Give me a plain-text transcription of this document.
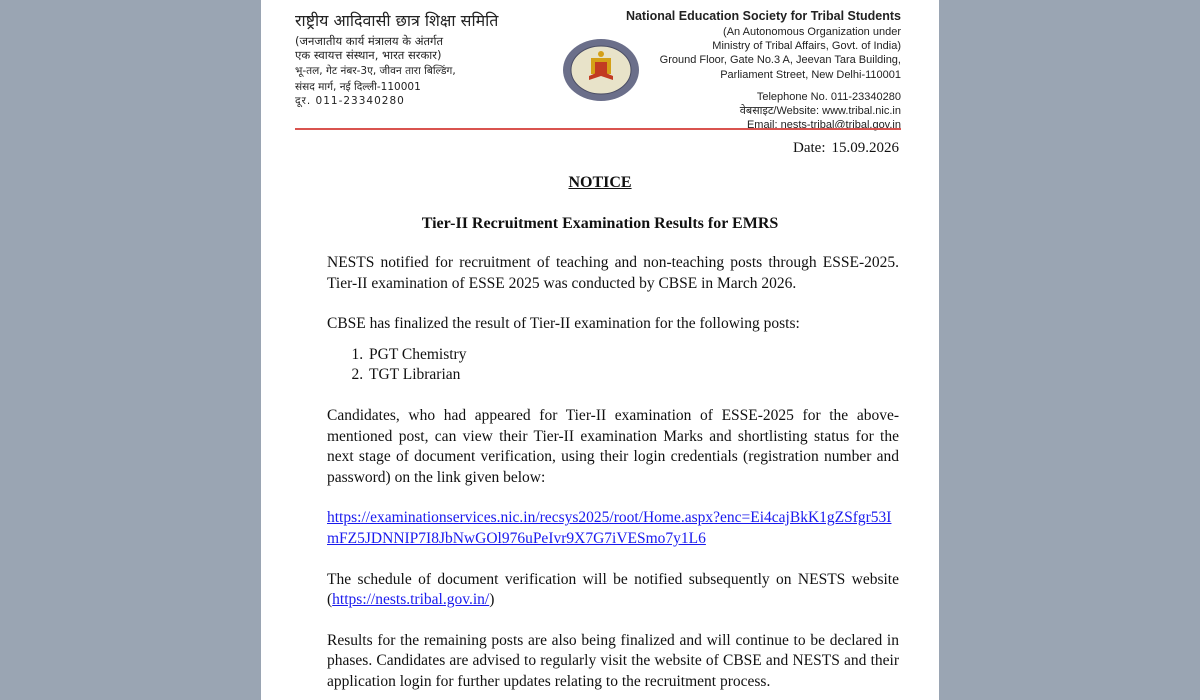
राष्ट्रीय आदिवासी छात्र शिक्षा समिति
(जनजातीय कार्य मंत्रालय के अंतर्गत
एक स्वायत्त संस्थान, भारत सरकार)
भू-तल, गेट नंबर-3ए, जीवन तारा बिल्डिंग,
संसद मार्ग, नई दिल्ली-110001
दूर. 011-23340280
National Education Society for Tribal Students
(An Autonomous Organization under
Ministry of Tribal Affairs, Govt. of India)
Ground Floor, Gate No.3 A, Jeevan Tara Building,
Parliament Street, New Delhi-110001
Telephone No. 011-23340280
वेबसाइट/Website: www.tribal.nic.in
Email: nests-tribal@tribal.gov.in
Date: 15.09.2026
NOTICE
Tier-II Recruitment Examination Results for EMRS

NESTS notified for recruitment of teaching and non-teaching posts through ESSE-2025. Tier-II examination of ESSE 2025 was conducted by CBSE in March 2026.

CBSE has finalized the result of Tier-II examination for the following posts:

1. PGT Chemistry
2. TGT Librarian

Candidates, who had appeared for Tier-II examination of ESSE-2025 for the above-mentioned post, can view their Tier-II examination Marks and shortlisting status for the next stage of document verification, using their login credentials (registration number and password) on the link given below:

https://examinationservices.nic.in/recsys2025/root/Home.aspx?enc=Ei4cajBkK1gZSfgr53ImFZ5JDNNIP7I8JbNwGOl976uPeIvr9X7G7iVESmo7y1L6

The schedule of document verification will be notified subsequently on NESTS website (https://nests.tribal.gov.in/)

Results for the remaining posts are also being finalized and will continue to be declared in phases. Candidates are advised to regularly visit the website of CBSE and NESTS and their application login for further updates relating to the recruitment process.
